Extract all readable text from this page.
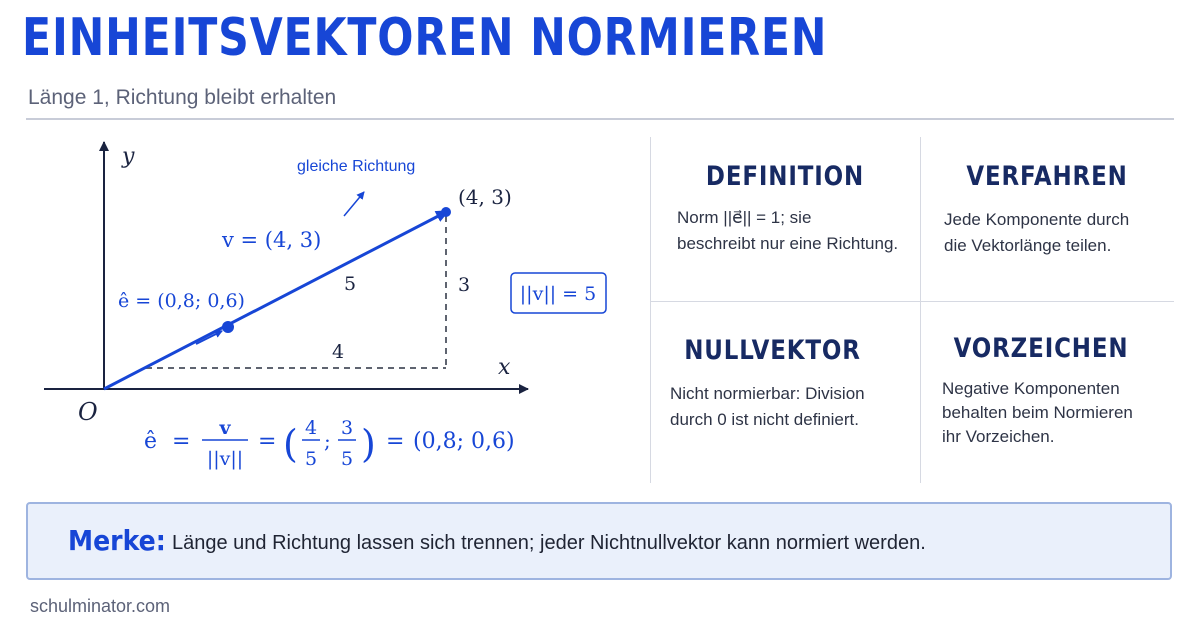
EINHEITSVEKTOREN NORMIEREN
Länge 1, Richtung bleibt erhalten
y
x
O
gleiche Richtung
(4, 3)
v = (4, 3)
5	3
4
ê = (0,8; 0,6)	||v|| = 5
ê =
v
||v||
= ( 4
5
;
3
5 ) = (0,8; 0,6)
DEFINITION

Norm ||e⃗|| = 1; sie

beschreibt nur eine Richtung.

VERFAHREN

Jede Komponente durch

die Vektorlänge teilen.

NULLVEKTOR

Nicht normierbar: Division

durch 0 ist nicht definiert.

VORZEICHEN

Negative Komponenten

behalten beim Normieren

ihr Vorzeichen.

Merke: Länge und Richtung lassen sich trennen; jeder Nichtnullvektor kann normiert werden.
schulminator.com
